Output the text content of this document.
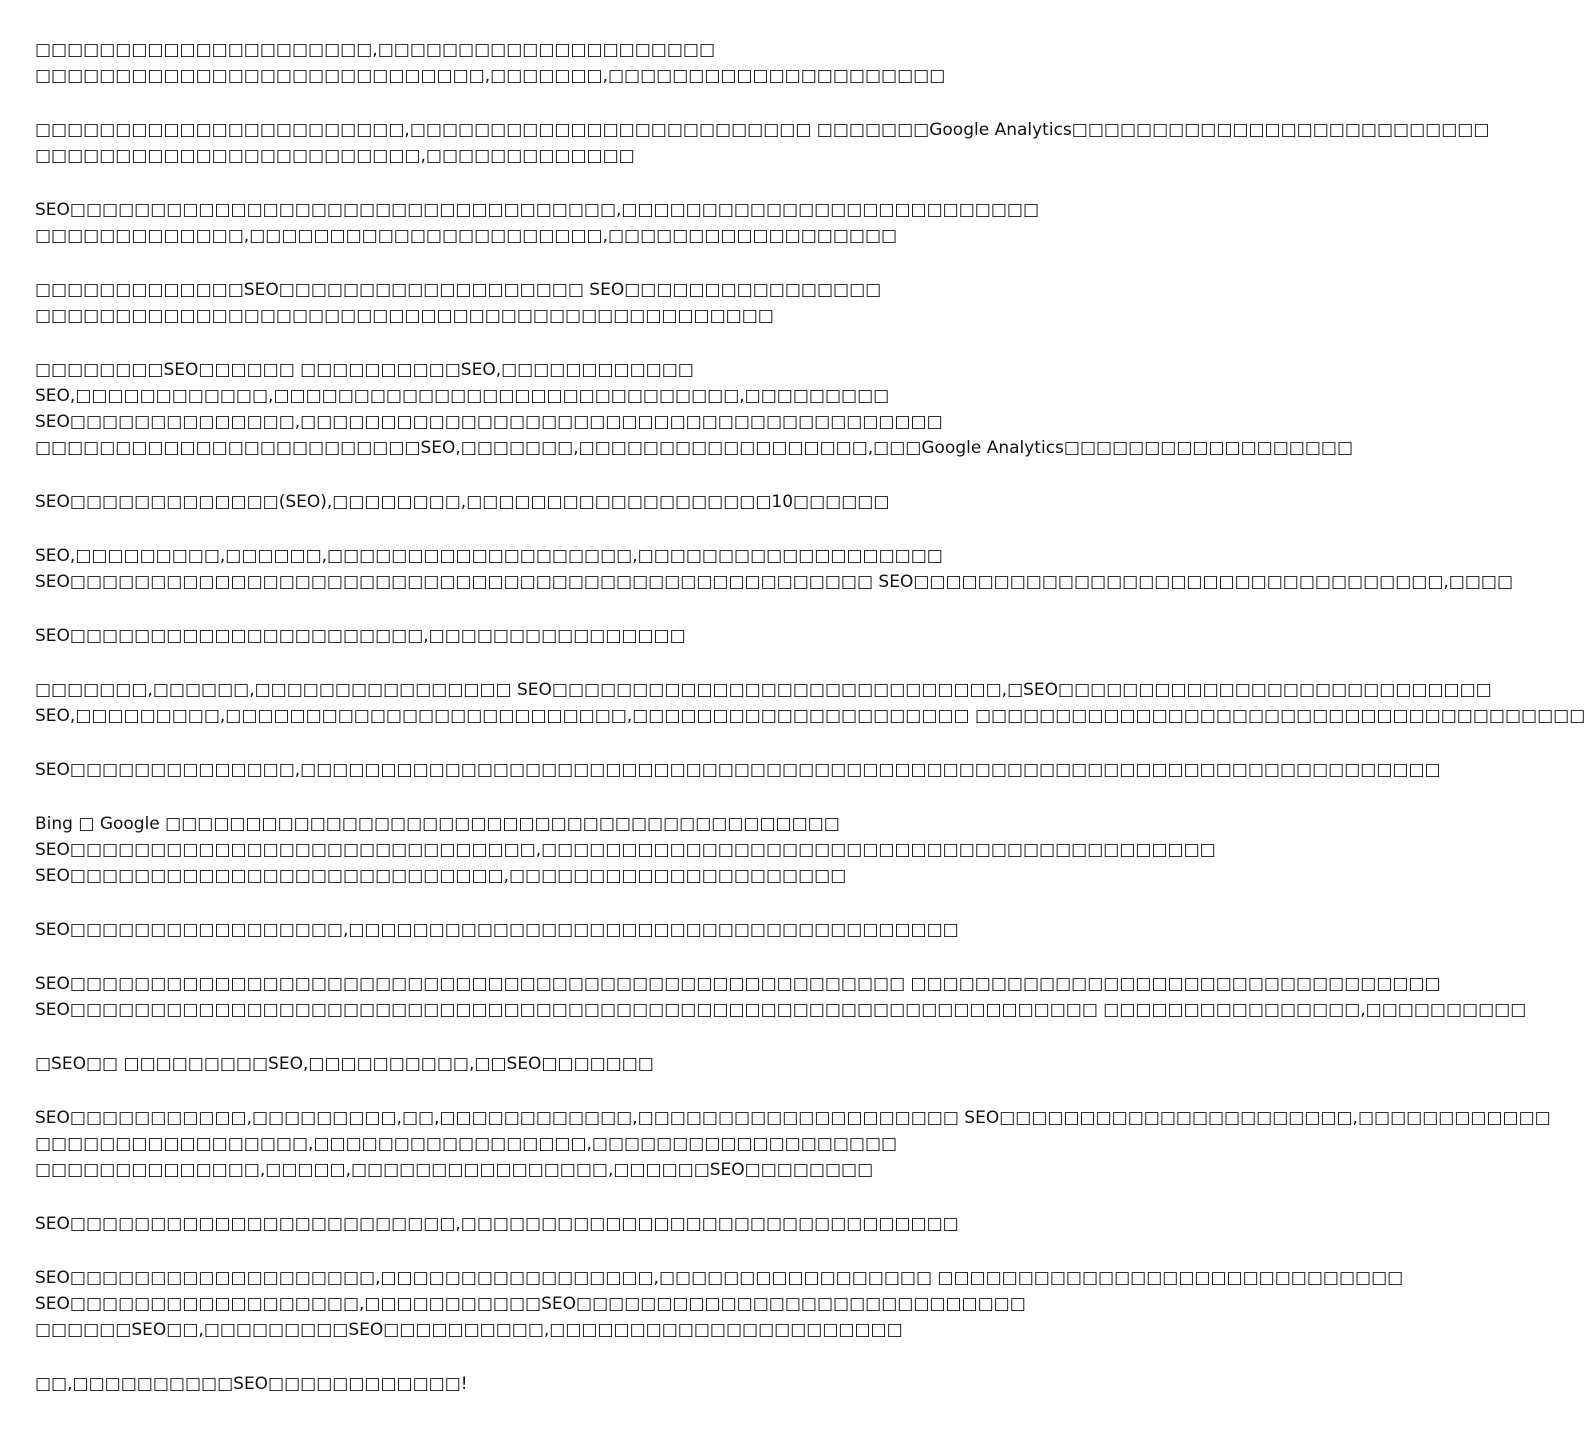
□□□□□□□□□□□□□□□□□□□□□,□□□□□□□□□□□□□□□□□□□□□
□□□□□□□□□□□□□□□□□□□□□□□□□□□□,□□□□□□□,□□□□□□□□□□□□□□□□□□□□□
□□□□□□□□□□□□□□□□□□□□□□□,□□□□□□□□□□□□□□□□□□□□□□□□□ □□□□□□□Google Analytics□□□□□□□□□□□□□□□□□□□□□□□□□□
□□□□□□□□□□□□□□□□□□□□□□□□,□□□□□□□□□□□□□
SEO□□□□□□□□□□□□□□□□□□□□□□□□□□□□□□□□□□,□□□□□□□□□□□□□□□□□□□□□□□□□□
□□□□□□□□□□□□□,□□□□□□□□□□□□□□□□□□□□□□,□□□□□□□□□□□□□□□□□□
□□□□□□□□□□□□□SEO□□□□□□□□□□□□□□□□□□□ SEO□□□□□□□□□□□□□□□□
□□□□□□□□□□□□□□□□□□□□□□□□□□□□□□□□□□□□□□□□□□□□□□
□□□□□□□□SEO□□□□□□ □□□□□□□□□□SEO,□□□□□□□□□□□□
SEO,□□□□□□□□□□□□,□□□□□□□□□□□□□□□□□□□□□□□□□□□□□,□□□□□□□□□
SEO□□□□□□□□□□□□□□,□□□□□□□□□□□□□□□□□□□□□□□□□□□□□□□□□□□□□□□□
□□□□□□□□□□□□□□□□□□□□□□□□SEO,□□□□□□□,□□□□□□□□□□□□□□□□□□,□□□Google Analytics□□□□□□□□□□□□□□□□□□
SEO□□□□□□□□□□□□□(SEO),□□□□□□□□,□□□□□□□□□□□□□□□□□□□10□□□□□□
SEO,□□□□□□□□□,□□□□□□,□□□□□□□□□□□□□□□□□□□,□□□□□□□□□□□□□□□□□□□
SEO□□□□□□□□□□□□□□□□□□□□□□□□□□□□□□□□□□□□□□□□□□□□□□□□□□ SEO□□□□□□□□□□□□□□□□□□□□□□□□□□□□□□□□□,□□□□
SEO□□□□□□□□□□□□□□□□□□□□□□,□□□□□□□□□□□□□□□□
□□□□□□□,□□□□□□,□□□□□□□□□□□□□□□□ SEO□□□□□□□□□□□□□□□□□□□□□□□□□□□□,□SEO□□□□□□□□□□□□□□□□□□□□□□□□□□□
SEO,□□□□□□□□□,□□□□□□□□□□□□□□□□□□□□□□□□□,□□□□□□□□□□□□□□□□□□□□□ □□□□□□□□□□□□□□□□□□□□□□□□□□□□□□□□□□□□□□
SEO□□□□□□□□□□□□□□,□□□□□□□□□□□□□□□□□□□□□□□□□□□□□□□□□□□□□□□□□□□□□□□□□□□□□□□□□□□□□□□□□□□□□□□
Bing □ Google □□□□□□□□□□□□□□□□□□□□□□□□□□□□□□□□□□□□□□□□□□
SEO□□□□□□□□□□□□□□□□□□□□□□□□□□□□□,□□□□□□□□□□□□□□□□□□□□□□□□□□□□□□□□□□□□□□□□□□
SEO□□□□□□□□□□□□□□□□□□□□□□□□□□□,□□□□□□□□□□□□□□□□□□□□□
SEO□□□□□□□□□□□□□□□□□,□□□□□□□□□□□□□□□□□□□□□□□□□□□□□□□□□□□□□□
SEO□□□□□□□□□□□□□□□□□□□□□□□□□□□□□□□□□□□□□□□□□□□□□□□□□□□□ □□□□□□□□□□□□□□□□□□□□□□□□□□□□□□□□□
SEO□□□□□□□□□□□□□□□□□□□□□□□□□□□□□□□□□□□□□□□□□□□□□□□□□□□□□□□□□□□□□□□□ □□□□□□□□□□□□□□□□,□□□□□□□□□□
□SEO□□ □□□□□□□□□SEO,□□□□□□□□□□,□□SEO□□□□□□□
SEO□□□□□□□□□□□,□□□□□□□□□,□□,□□□□□□□□□□□□,□□□□□□□□□□□□□□□□□□□□ SEO□□□□□□□□□□□□□□□□□□□□□□,□□□□□□□□□□□□
□□□□□□□□□□□□□□□□□,□□□□□□□□□□□□□□□□□,□□□□□□□□□□□□□□□□□□□
□□□□□□□□□□□□□□,□□□□□,□□□□□□□□□□□□□□□□,□□□□□□SEO□□□□□□□□
SEO□□□□□□□□□□□□□□□□□□□□□□□□,□□□□□□□□□□□□□□□□□□□□□□□□□□□□□□□
SEO□□□□□□□□□□□□□□□□□□□,□□□□□□□□□□□□□□□□□,□□□□□□□□□□□□□□□□□ □□□□□□□□□□□□□□□□□□□□□□□□□□□□□
SEO□□□□□□□□□□□□□□□□□□,□□□□□□□□□□□SEO□□□□□□□□□□□□□□□□□□□□□□□□□□□□
□□□□□□SEO□□,□□□□□□□□□SEO□□□□□□□□□□,□□□□□□□□□□□□□□□□□□□□□□
□□,□□□□□□□□□□SEO□□□□□□□□□□□□!
